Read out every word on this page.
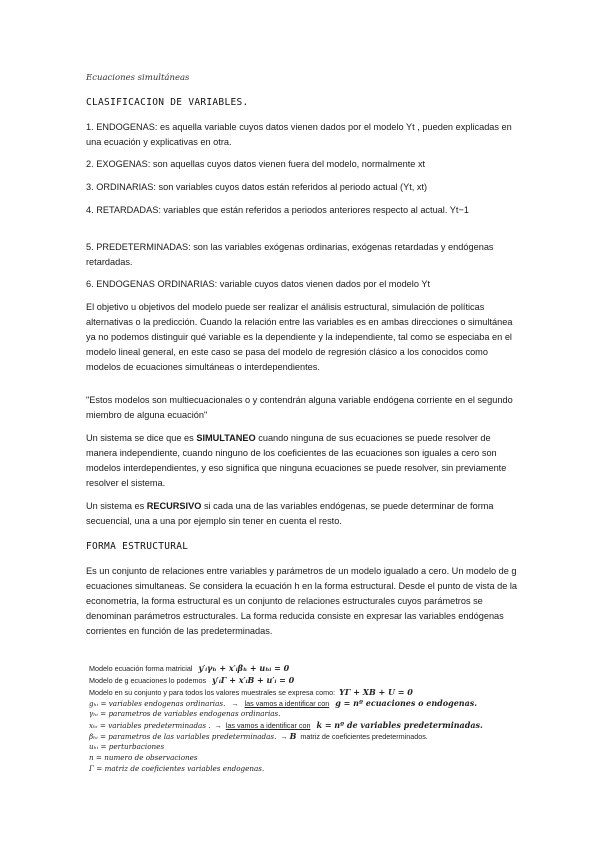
Ecuaciones simultáneas
CLASIFICACION DE VARIABLES.
1. ENDOGENAS: es aquella variable cuyos datos vienen dados por el modelo Yt , pueden explicadas en una ecuación y explicativas en otra.
2. EXOGENAS: son aquellas cuyos datos vienen fuera del modelo, normalmente xt
3. ORDINARIAS: son variables cuyos datos están referidos al periodo actual (Yt, xt)
4. RETARDADAS: variables que están referidos a periodos anteriores respecto al actual. Yt−1
5. PREDETERMINADAS: son las variables exógenas ordinarias, exógenas retardadas y endógenas retardadas.
6. ENDOGENAS ORDINARIAS: variable cuyos datos vienen dados por el modelo Yt
El objetivo u objetivos del modelo puede ser realizar el análisis estructural, simulación de políticas alternativas o la predicción. Cuando la relación entre las variables es en ambas direcciones o simultánea ya no podemos distinguir qué variable es la dependiente y la independiente, tal como se especiaba en el modelo lineal general, en este caso se pasa del modelo de regresión clásico a los conocidos como modelos de ecuaciones simultáneas o interdependientes.
"Estos modelos son multiecuacionales o y contendrán alguna variable endógena corriente en el segundo miembro de alguna ecuación"
Un sistema se dice que es SIMULTANEO cuando ninguna de sus ecuaciones se puede resolver de manera independiente, cuando ninguno de los coeficientes de las ecuaciones son iguales a cero son modelos interdependientes, y eso significa que ninguna ecuaciones se puede resolver, sin previamente resolver el sistema.
Un sistema es RECURSIVO si cada una de las variables endógenas, se puede determinar de forma secuencial, una a una por ejemplo sin tener en cuenta el resto.
FORMA ESTRUCTURAL
Es un conjunto de relaciones entre variables y parámetros de un modelo igualado a cero. Un modelo de g ecuaciones simultaneas. Se considera la ecuación h en la forma estructural. Desde el punto de vista de la econometria, la forma estructural es un conjunto de relaciones estructurales cuyos parámetros se denominan parámetros estructurales. La forma reducida consiste en expresar las variables endógenas corrientes en función de las predeterminadas.
Modelo ecuación forma matricial y′ᵢγₕ + x′ᵢβₕ + uₕᵢ = 0
Modelo de g ecuaciones lo podemos y′ᵢΓ + x′ᵢB + u′ᵢ = 0
Modelo en su conjunto y para todos los valores muestrales se expresa como: YΓ + XB + U = 0
gₕᵢ = variables endogenas ordinarias. → las vamos a identificar con g = nº ecuaciones o endogenas.
γₕᵢ = parametros de variables endogenas ordinarias.
xₕᵢ = variables predeterminadas . → las vamos a identificar con k = nº de variables predeterminadas.
βₕᵢ = parametros de las variables predeterminadas. → B matriz de coeficientes predeterminados.
uₕᵢ = perturbaciones
n = numero de observaciones
Γ = matriz de coeficientes variables endogenas.
